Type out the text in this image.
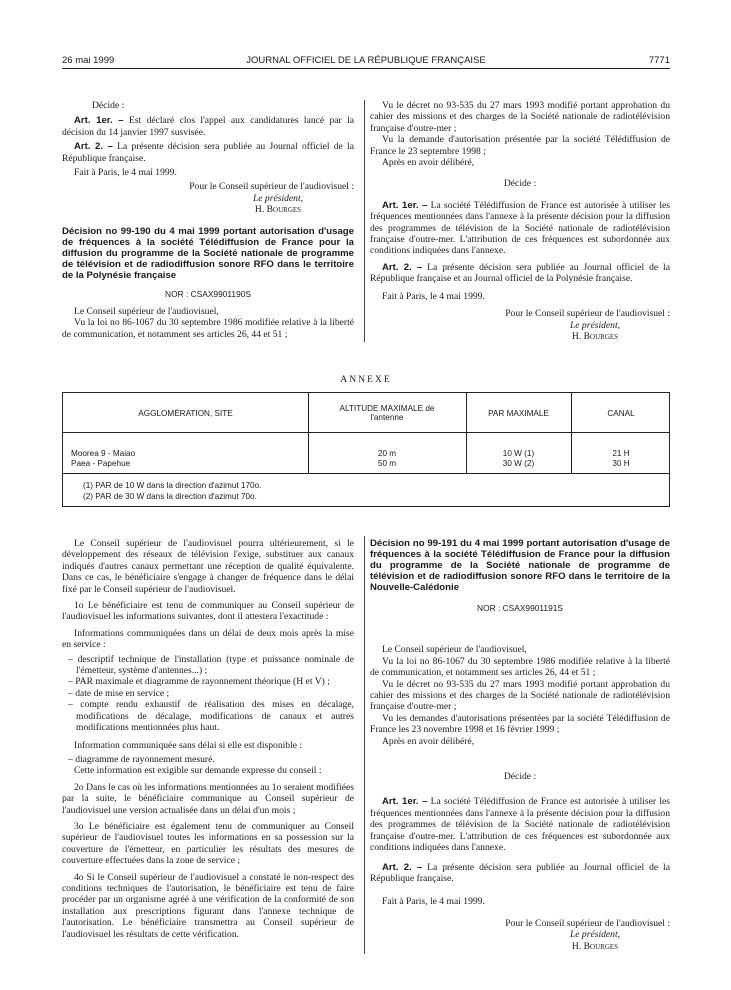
26 mai 1999	JOURNAL OFFICIEL DE LA RÉPUBLIQUE FRANÇAISE	7771

Décide :

Art. 1er. – Est déclaré clos l'appel aux candidatures lancé par la décision du 14 janvier 1997 susvisée.

Art. 2. – La présente décision sera publiée au Journal officiel de la République française.

Fait à Paris, le 4 mai 1999.

Pour le Conseil supérieur de l'audiovisuel :

Le président,

H. Bourges

Décision no 99-190 du 4 mai 1999 portant autorisation d'usage de fréquences à la société Télédiffusion de France pour la diffusion du programme de la Société nationale de programme de télévision et de radiodiffusion sonore RFO dans le territoire de la Polynésie française

NOR : CSAX9901190S

Le Conseil supérieur de l'audiovisuel,

Vu la loi no 86-1067 du 30 septembre 1986 modifiée relative à la liberté de communication, et notamment ses articles 26, 44 et 51 ;

Vu le décret no 93-535 du 27 mars 1993 modifié portant approbation du cahier des missions et des charges de la Société nationale de radiotélévision française d'outre-mer ;

Vu la demande d'autorisation présentée par la société Télédiffusion de France le 23 septembre 1998 ;

Après en avoir délibéré,

Décide :

Art. 1er. – La société Télédiffusion de France est autorisée à utiliser les fréquences mentionnées dans l'annexe à la présente décision pour la diffusion des programmes de télévision de la Société nationale de radiotélévision française d'outre-mer. L'attribution de ces fréquences est subordonnée aux conditions indiquées dans l'annexe.

Art. 2. – La présente décision sera publiée au Journal officiel de la République française et au Journal officiel de la Polynésie française.

Fait à Paris, le 4 mai 1999.

Pour le Conseil supérieur de l'audiovisuel :

Le président,

H. Bourges

ANNEXE
AGGLOMÉRATION, SITE	ALTITUDE MAXIMALE de l'antenne	PAR MAXIMALE	CANAL
Moorea 9 - Maiao	20 m	10 W (1)	21 H
Paea - Papehue	50 m	30 W (2)	30 H
(1) PAR de 10 W dans la direction d'azimut 170o.
(2) PAR de 30 W dans la direction d'azimut 70o.

Le Conseil supérieur de l'audiovisuel pourra ultérieurement, si le développement des réseaux de télévision l'exige, substituer aux canaux indiqués d'autres canaux permettant une réception de qualité équivalente. Dans ce cas, le bénéficiaire s'engage à changer de fréquence dans le délai fixé par le Conseil supérieur de l'audiovisuel.

1o Le bénéficiaire est tenu de communiquer au Conseil supérieur de l'audiovisuel les informations suivantes, dont il attestera l'exactitude :

Informations communiquées dans un délai de deux mois après la mise en service :

– descriptif technique de l'installation (type et puissance nominale de l'émetteur, système d'antennes...) ;

– PAR maximale et diagramme de rayonnement théorique (H et V) ;

– date de mise en service ;

– compte rendu exhaustif de réalisation des mises en décalage, modifications de décalage, modifications de canaux et autres modifications mentionnées plus haut.

Information communiquée sans délai si elle est disponible :

– diagramme de rayonnement mesuré.

Cette information est exigible sur demande expresse du conseil :

2o Dans le cas où les informations mentionnées au 1o seraient modifiées par la suite, le bénéficiaire communique au Conseil supérieur de l'audiovisuel une version actualisée dans un délai d'un mois ;

3o Le bénéficiaire est également tenu de communiquer au Conseil supérieur de l'audiovisuel toutes les informations en sa possession sur la couverture de l'émetteur, en particulier les résultats des mesures de couverture effectuées dans la zone de service ;

4o Si le Conseil supérieur de l'audiovisuel a constaté le non-respect des conditions techniques de l'autorisation, le bénéficiaire est tenu de faire procéder par un organisme agréé à une vérification de la conformité de son installation aux prescriptions figurant dans l'annexe technique de l'autorisation. Le bénéficiaire transmettra au Conseil supérieur de l'audiovisuel les résultats de cette vérification.

Décision no 99-191 du 4 mai 1999 portant autorisation d'usage de fréquences à la société Télédiffusion de France pour la diffusion du programme de la Société nationale de programme de télévision et de radiodiffusion sonore RFO dans le territoire de la Nouvelle-Calédonie

NOR : CSAX9901191S

Le Conseil supérieur de l'audiovisuel,

Vu la loi no 86-1067 du 30 septembre 1986 modifiée relative à la liberté de communication, et notamment ses articles 26, 44 et 51 ;

Vu le décret no 93-535 du 27 mars 1993 modifié portant approbation du cahier des missions et des charges de la Société nationale de radiotélévision française d'outre-mer ;

Vu les demandes d'autorisations présentées par la société Télédiffusion de France les 23 novembre 1998 et 16 février 1999 ;

Après en avoir délibéré,

Décide :

Art. 1er. – La société Télédiffusion de France est autorisée à utiliser les fréquences mentionnées dans l'annexe à la présente décision pour la diffusion des programmes de télévision de la Société nationale de radiotélévision française d'outre-mer. L'attribution de ces fréquences est subordonnée aux conditions indiquées dans l'annexe.

Art. 2. – La présente décision sera publiée au Journal officiel de la République française.

Fait à Paris, le 4 mai 1999.

Pour le Conseil supérieur de l'audiovisuel :

Le président,

H. Bourges
